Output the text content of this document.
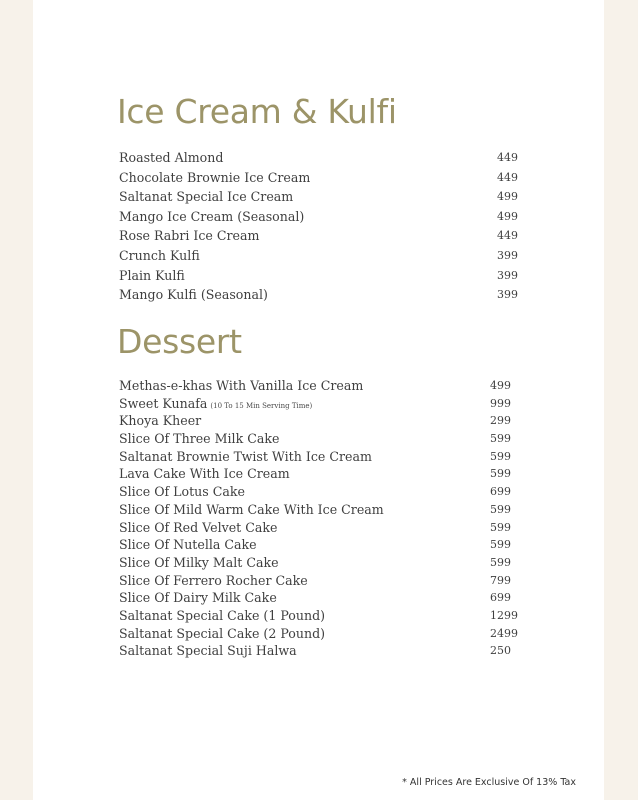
Ice Cream & Kulfi
Roasted Almond	449
Chocolate Brownie Ice Cream	449
Saltanat Special Ice Cream	499
Mango Ice Cream (Seasonal)	499
Rose Rabri Ice Cream	449
Crunch Kulfi	399
Plain Kulfi	399
Mango Kulfi (Seasonal)	399
Dessert
Methas-e-khas With Vanilla Ice Cream	499
Sweet Kunafa (10 To 15 Min Serving Time)	999
Khoya Kheer	299
Slice Of Three Milk Cake	599
Saltanat Brownie Twist With Ice Cream	599
Lava Cake With Ice Cream	599
Slice Of Lotus Cake	699
Slice Of Mild Warm Cake With Ice Cream	599
Slice Of Red Velvet Cake	599
Slice Of Nutella Cake	599
Slice Of Milky Malt Cake	599
Slice Of Ferrero Rocher Cake	799
Slice Of Dairy Milk Cake	699
Saltanat Special Cake (1 Pound)	1299
Saltanat Special Cake (2 Pound)	2499
Saltanat Special Suji Halwa	250
* All Prices Are Exclusive Of 13% Tax
